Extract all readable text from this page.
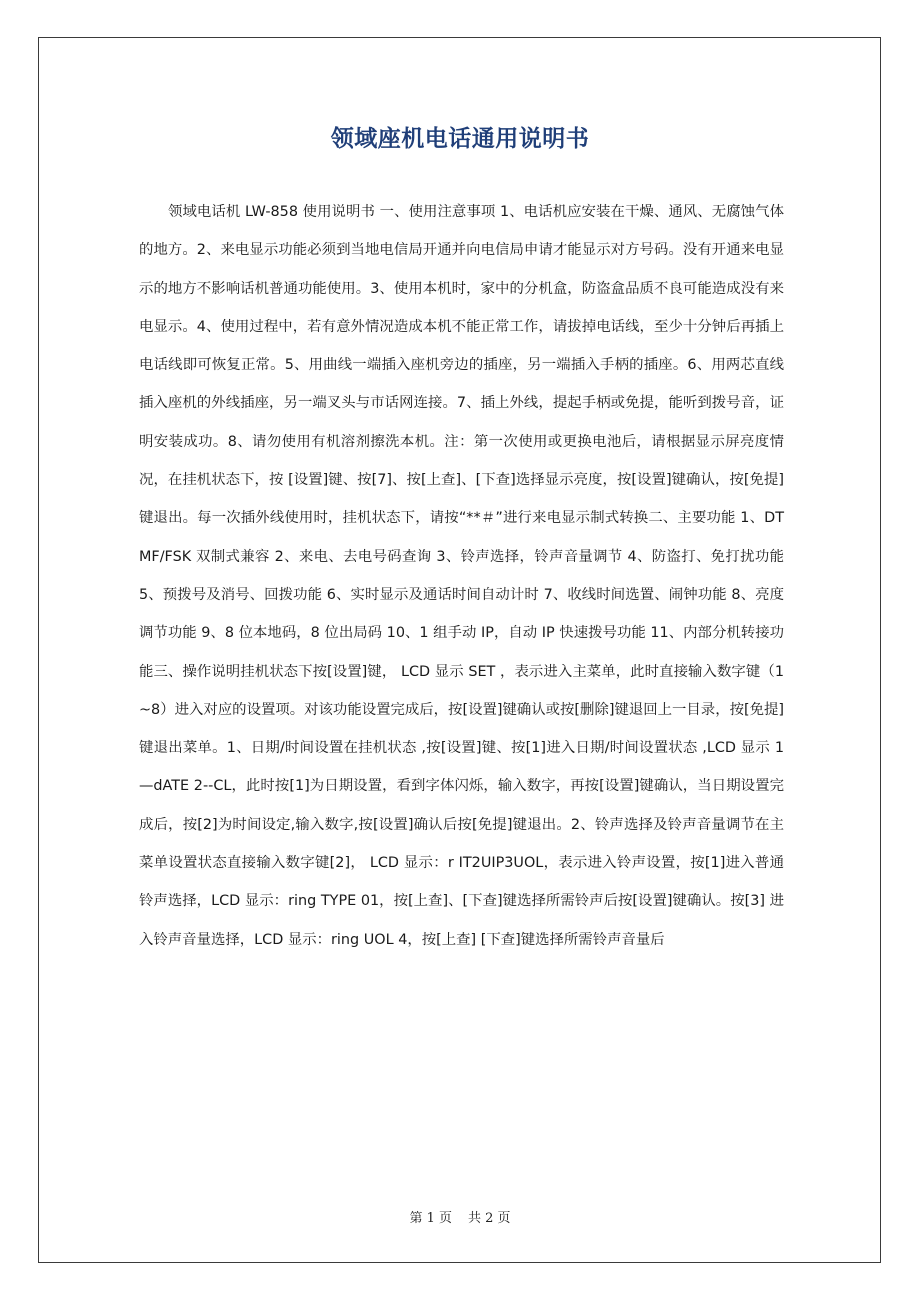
领域座机电话通用说明书

领域电话机 LW-858 使用说明书 一、使用注意事项 1、电话机应安装在干燥、通风、无腐蚀气体的地方。2、来电显示功能必须到当地电信局开通并向电信局申请才能显示对方号码。没有开通来电显示的地方不影响话机普通功能使用。3、使用本机时，家中的分机盒，防盗盒品质不良可能造成没有来电显示。4、使用过程中，若有意外情况造成本机不能正常工作，请拔掉电话线，至少十分钟后再插上电话线即可恢复正常。5、用曲线一端插入座机旁边的插座，另一端插入手柄的插座。6、用两芯直线插入座机的外线插座，另一端叉头与市话网连接。7、插上外线，提起手柄或免提，能听到拨号音，证明安装成功。8、请勿使用有机溶剂擦洗本机。注：第一次使用或更换电池后，请根据显示屏亮度情况，在挂机状态下，按 [设置]键、按[7]、按[上查]、[下查]选择显示亮度，按[设置]键确认，按[免提]键退出。每一次插外线使用时，挂机状态下，请按“**＃”进行来电显示制式转换二、主要功能 1、DTMF/FSK 双制式兼容 2、来电、去电号码查询 3、铃声选择，铃声音量调节 4、防盗打、免打扰功能 5、预拨号及消号、回拨功能 6、实时显示及通话时间自动计时 7、收线时间选置、闹钟功能 8、亮度调节功能 9、8 位本地码，8 位出局码 10、1 组手动 IP，自动 IP 快速拨号功能 11、内部分机转接功能三、操作说明挂机状态下按[设置]键， LCD 显示 SET ，表示进入主菜单，此时直接输入数字键（1~8）进入对应的设置项。对该功能设置完成后，按[设置]键确认或按[删除]键退回上一目录，按[免提]键退出菜单。1、日期/时间设置在挂机状态 ,按[设置]键、按[1]进入日期/时间设置状态 ,LCD 显示 1—dATE 2--CL，此时按[1]为日期设置，看到字体闪烁，输入数字，再按[设置]键确认，当日期设置完成后，按[2]为时间设定,输入数字,按[设置]确认后按[免提]键退出。2、铃声选择及铃声音量调节在主菜单设置状态直接输入数字键[2]， LCD 显示：r IT2UIP3UOL，表示进入铃声设置，按[1]进入普通铃声选择，LCD 显示：ring TYPE 01，按[上查]、[下查]键选择所需铃声后按[设置]键确认。按[3] 进入铃声音量选择，LCD 显示：ring UOL 4，按[上查] [下查]键选择所需铃声音量后

第 1 页 共 2 页
